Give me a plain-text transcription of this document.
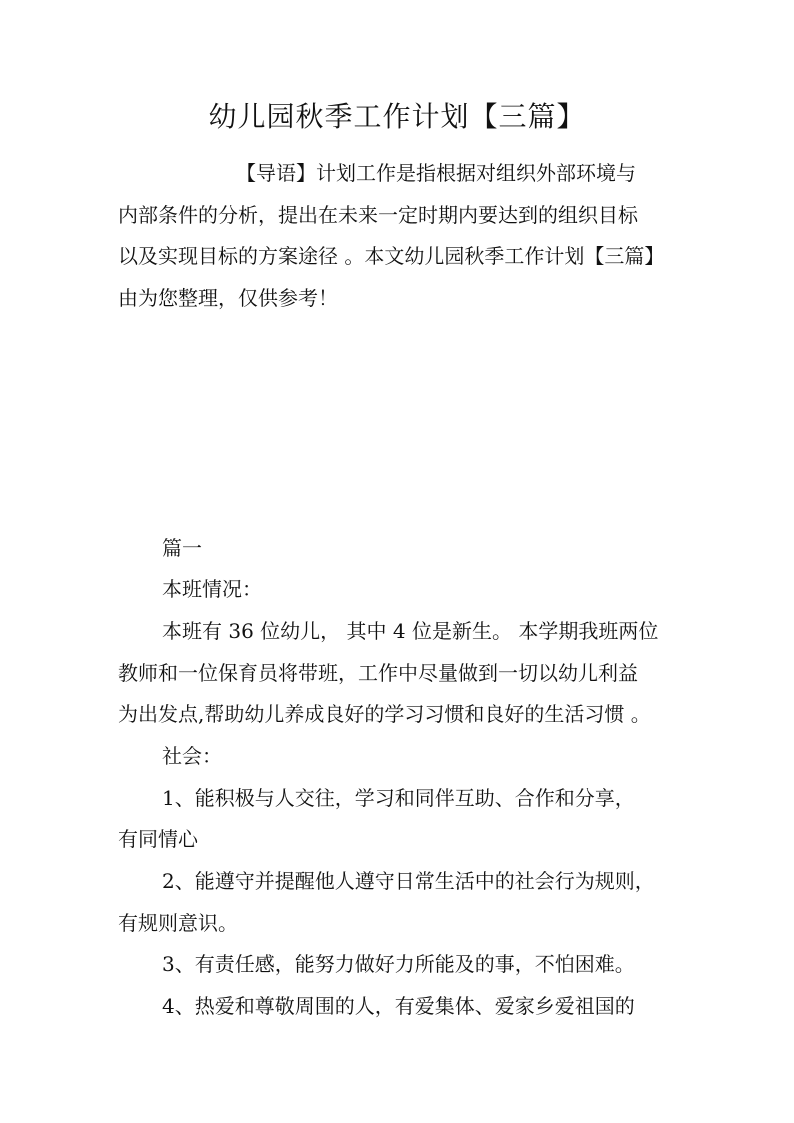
幼儿园秋季工作计划【三篇】

【导语】计划工作是指根据对组织外部环境与

内部条件的分析，提出在未来一定时期内要达到的组织目标

以及实现目标的方案途径 。本文幼儿园秋季工作计划【三篇】

由为您整理，仅供参考！

篇一

本班情况：

本班有 36 位幼儿， 其中 4 位是新生。 本学期我班两位

教师和一位保育员将带班，工作中尽量做到一切以幼儿利益

为出发点,帮助幼儿养成良好的学习习惯和良好的生活习惯 。

社会：

1、能积极与人交往，学习和同伴互助、合作和分享，

有同情心

2、能遵守并提醒他人遵守日常生活中的社会行为规则，

有规则意识。

3、有责任感，能努力做好力所能及的事，不怕困难。

4、热爱和尊敬周围的人，有爱集体、爱家乡爱祖国的
